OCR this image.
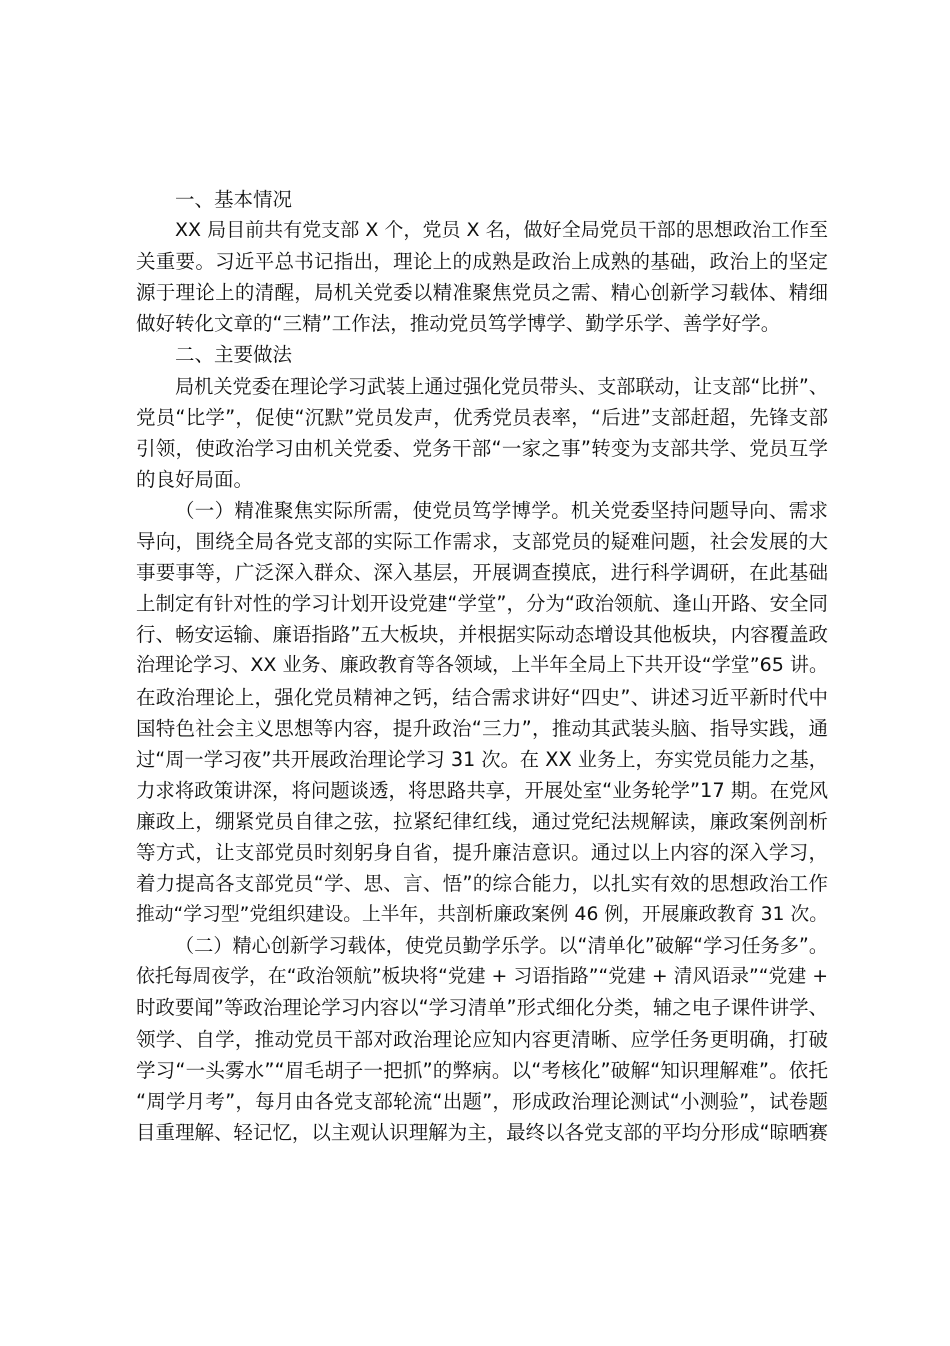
一、基本情况
XX 局目前共有党支部 X 个，党员 X 名，做好全局党员干部的思想政治工作至
关重要。习近平总书记指出，理论上的成熟是政治上成熟的基础，政治上的坚定
源于理论上的清醒，局机关党委以精准聚焦党员之需、精心创新学习载体、精细
做好转化文章的“三精”工作法，推动党员笃学博学、勤学乐学、善学好学。
二、主要做法
局机关党委在理论学习武装上通过强化党员带头、支部联动，让支部“比拼”、
党员“比学”，促使“沉默”党员发声，优秀党员表率，“后进”支部赶超，先锋支部
引领，使政治学习由机关党委、党务干部“一家之事”转变为支部共学、党员互学
的良好局面。
（一）精准聚焦实际所需，使党员笃学博学。机关党委坚持问题导向、需求
导向，围绕全局各党支部的实际工作需求，支部党员的疑难问题，社会发展的大
事要事等，广泛深入群众、深入基层，开展调查摸底，进行科学调研，在此基础
上制定有针对性的学习计划开设党建“学堂”，分为“政治领航、逢山开路、安全同
行、畅安运输、廉语指路”五大板块，并根据实际动态增设其他板块，内容覆盖政
治理论学习、XX 业务、廉政教育等各领域，上半年全局上下共开设“学堂”65 讲。
在政治理论上，强化党员精神之钙，结合需求讲好“四史”、讲述习近平新时代中
国特色社会主义思想等内容，提升政治“三力”，推动其武装头脑、指导实践，通
过“周一学习夜”共开展政治理论学习 31 次。在 XX 业务上，夯实党员能力之基，
力求将政策讲深，将问题谈透，将思路共享，开展处室“业务轮学”17 期。在党风
廉政上，绷紧党员自律之弦，拉紧纪律红线，通过党纪法规解读，廉政案例剖析
等方式，让支部党员时刻躬身自省，提升廉洁意识。通过以上内容的深入学习，
着力提高各支部党员“学、思、言、悟”的综合能力，以扎实有效的思想政治工作
推动“学习型”党组织建设。上半年，共剖析廉政案例 46 例，开展廉政教育 31 次。
（二）精心创新学习载体，使党员勤学乐学。以“清单化”破解“学习任务多”。
依托每周夜学，在“政治领航”板块将“党建 + 习语指路”“党建 + 清风语录”“党建 +
时政要闻”等政治理论学习内容以“学习清单”形式细化分类，辅之电子课件讲学、
领学、自学，推动党员干部对政治理论应知内容更清晰、应学任务更明确，打破
学习“一头雾水”“眉毛胡子一把抓”的弊病。以“考核化”破解“知识理解难”。依托
“周学月考”，每月由各党支部轮流“出题”，形成政治理论测试“小测验”，试卷题
目重理解、轻记忆，以主观认识理解为主，最终以各党支部的平均分形成“晾晒赛
